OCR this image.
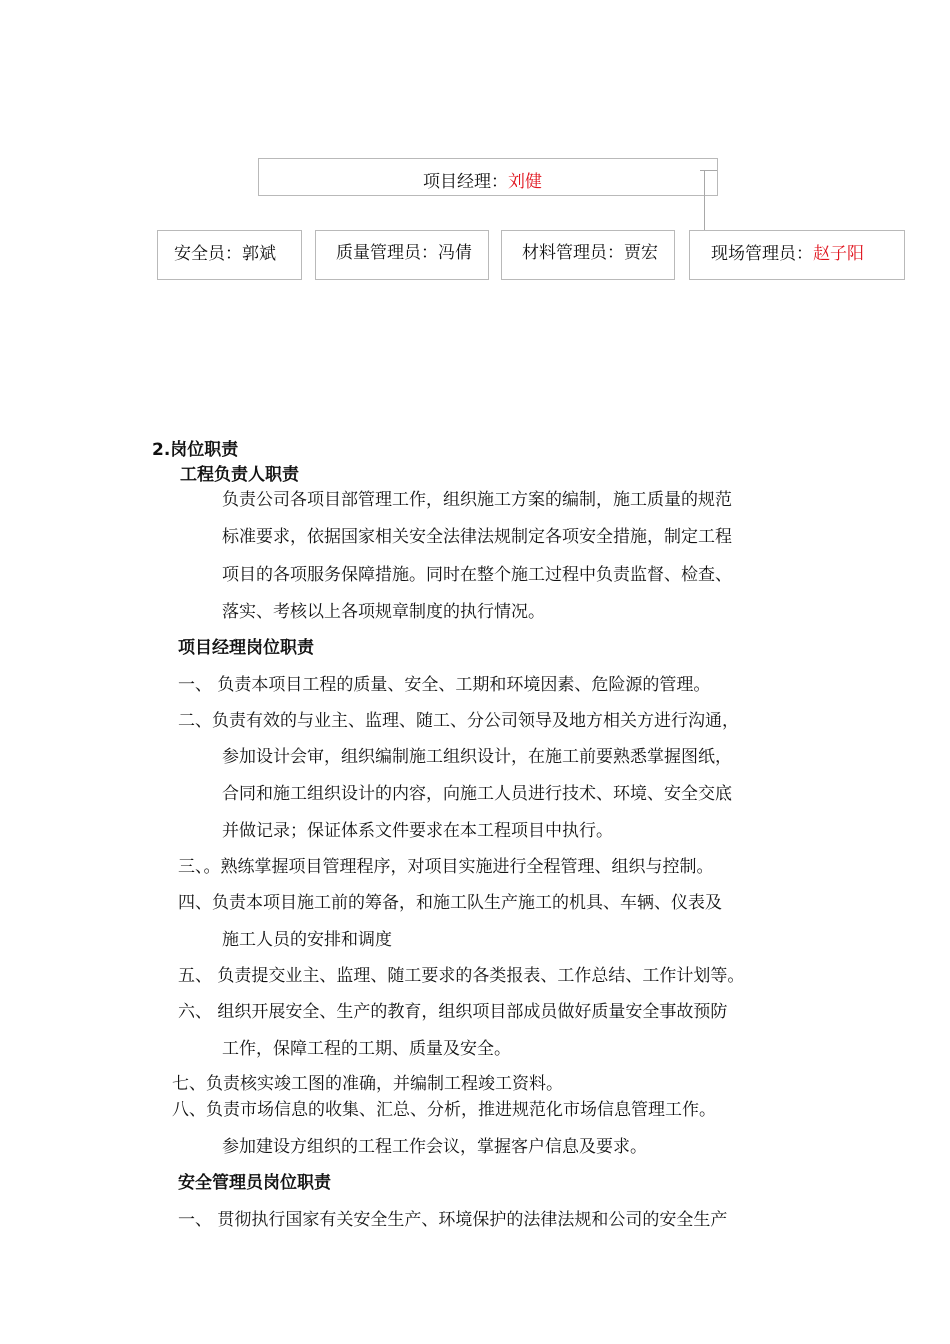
项目经理：刘健
安全员：郭斌	质量管理员：冯倩	材料管理员：贾宏	现场管理员：赵子阳
2.岗位职责
工程负责人职责
负责公司各项目部管理工作，组织施工方案的编制，施工质量的规范
标准要求，依据国家相关安全法律法规制定各项安全措施，制定工程
项目的各项服务保障措施。同时在整个施工过程中负责监督、检查、
落实、考核以上各项规章制度的执行情况。
项目经理岗位职责
一、 负责本项目工程的质量、安全、工期和环境因素、危险源的管理。
二、负责有效的与业主、监理、随工、分公司领导及地方相关方进行沟通，
参加设计会审，组织编制施工组织设计，在施工前要熟悉掌握图纸，
合同和施工组织设计的内容，向施工人员进行技术、环境、安全交底
并做记录；保证体系文件要求在本工程项目中执行。
三、。熟练掌握项目管理程序，对项目实施进行全程管理、组织与控制。
四、负责本项目施工前的筹备，和施工队生产施工的机具、车辆、仪表及
施工人员的安排和调度
五、 负责提交业主、监理、随工要求的各类报表、工作总结、工作计划等。
六、 组织开展安全、生产的教育，组织项目部成员做好质量安全事故预防
工作，保障工程的工期、质量及安全。
七、负责核实竣工图的准确，并编制工程竣工资料。
八、负责市场信息的收集、汇总、分析，推进规范化市场信息管理工作。
参加建设方组织的工程工作会议，掌握客户信息及要求。
安全管理员岗位职责
一、 贯彻执行国家有关安全生产、环境保护的法律法规和公司的安全生产
